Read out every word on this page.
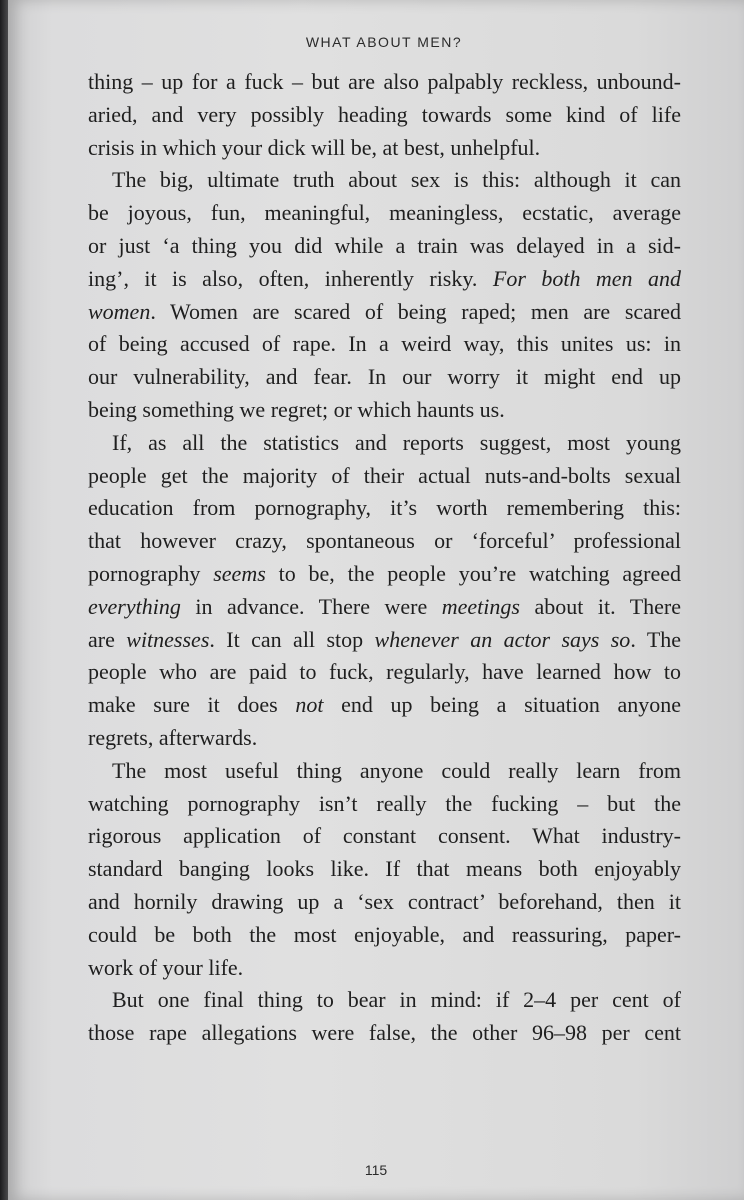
WHAT ABOUT MEN?

thing – up for a fuck – but are also palpably reckless, unbound-

aried, and very possibly heading towards some kind of life

crisis in which your dick will be, at best, unhelpful.

The big, ultimate truth about sex is this: although it can

be joyous, fun, meaningful, meaningless, ecstatic, average

or just ‘a thing you did while a train was delayed in a sid-

ing’, it is also, often, inherently risky. For both men and

women. Women are scared of being raped; men are scared

of being accused of rape. In a weird way, this unites us: in

our vulnerability, and fear. In our worry it might end up

being something we regret; or which haunts us.

If, as all the statistics and reports suggest, most young

people get the majority of their actual nuts-and-bolts sexual

education from pornography, it’s worth remembering this:

that however crazy, spontaneous or ‘forceful’ professional

pornography seems to be, the people you’re watching agreed

everything in advance. There were meetings about it. There

are witnesses. It can all stop whenever an actor says so. The

people who are paid to fuck, regularly, have learned how to

make sure it does not end up being a situation anyone

regrets, afterwards.

The most useful thing anyone could really learn from

watching pornography isn’t really the fucking – but the

rigorous application of constant consent. What industry-

standard banging looks like. If that means both enjoyably

and hornily drawing up a ‘sex contract’ beforehand, then it

could be both the most enjoyable, and reassuring, paper-

work of your life.

But one final thing to bear in mind: if 2–4 per cent of

those rape allegations were false, the other 96–98 per cent

115
